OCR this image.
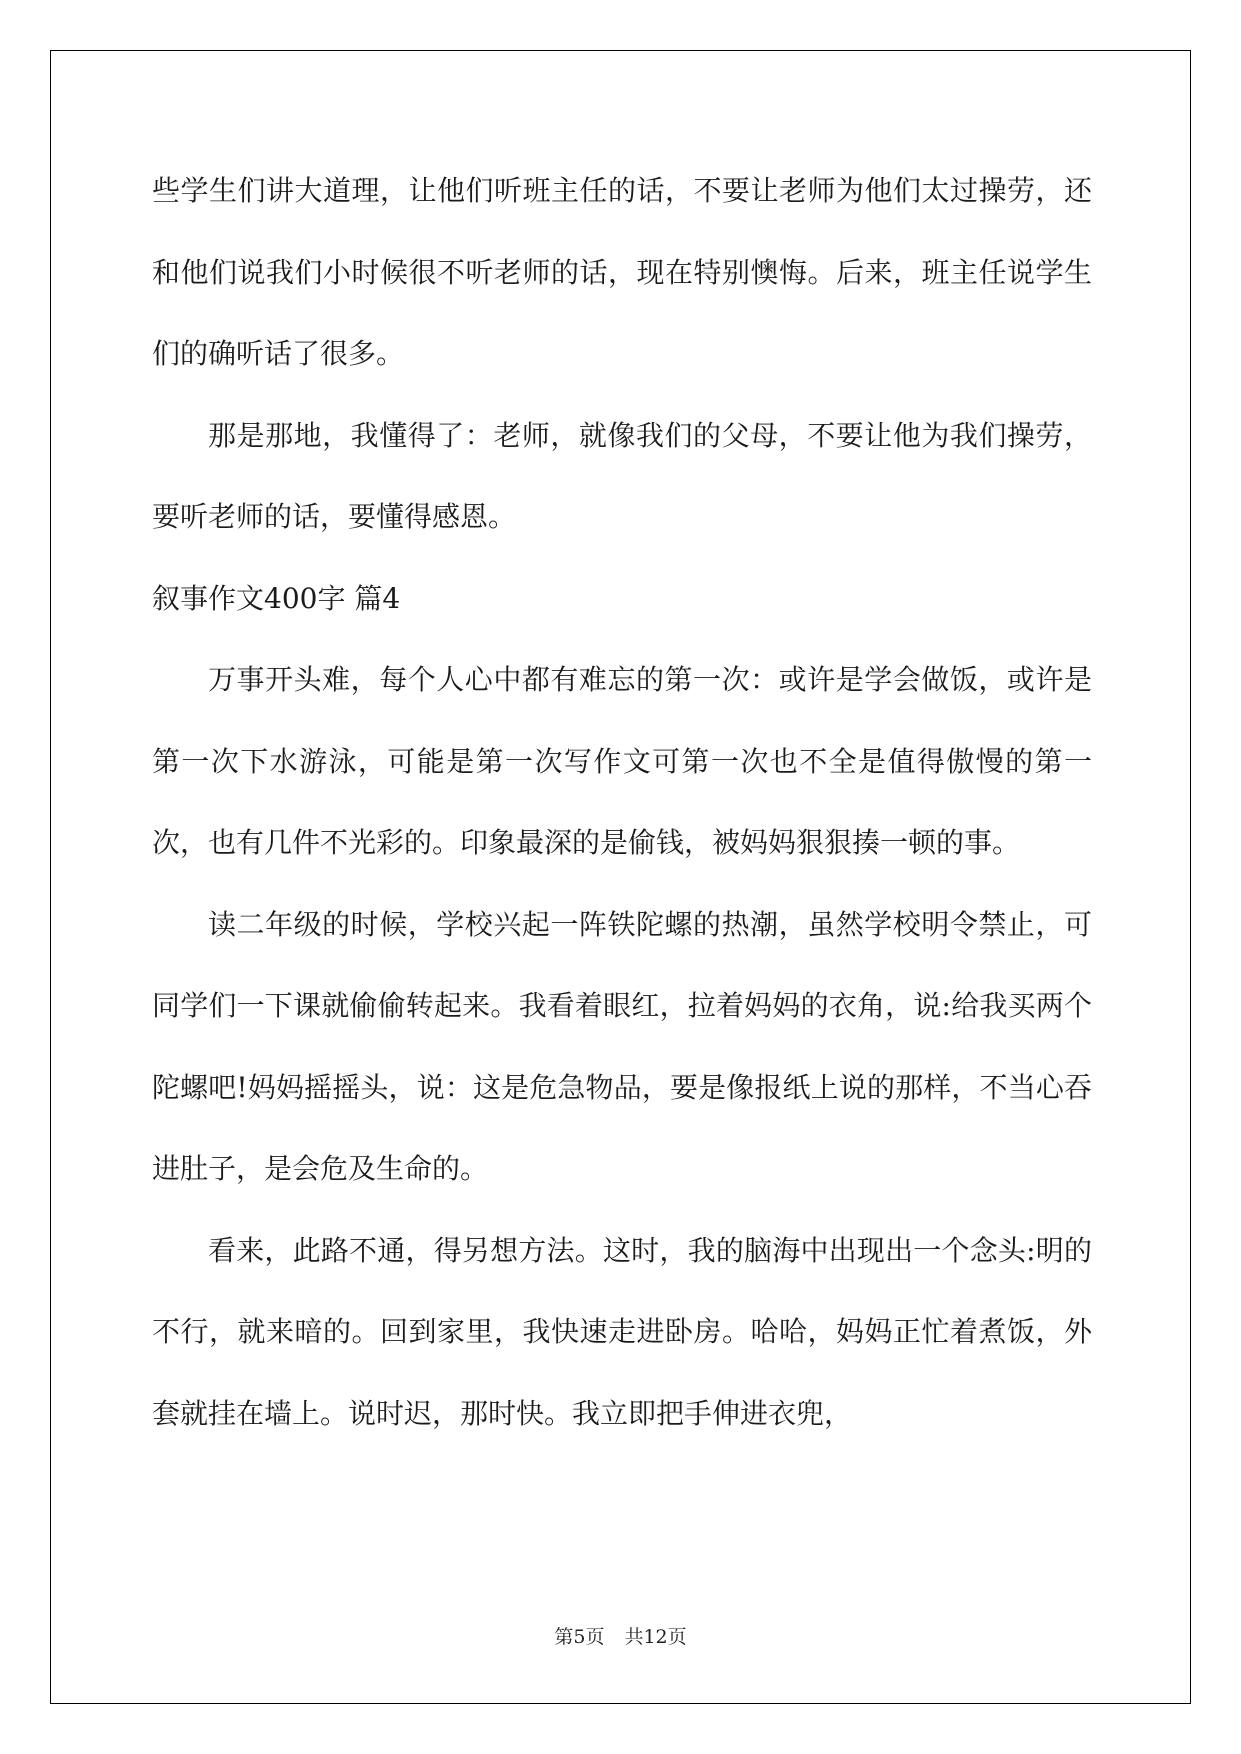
些学生们讲大道理，让他们听班主任的话，不要让老师为他们太过操劳，还和他们说我们小时候很不听老师的话，现在特别懊悔。后来，班主任说学生们的确听话了很多。

那是那地，我懂得了：老师，就像我们的父母，不要让他为我们操劳，要听老师的话，要懂得感恩。

叙事作文400字 篇4

万事开头难，每个人心中都有难忘的第一次：或许是学会做饭，或许是第一次下水游泳，可能是第一次写作文可第一次也不全是值得傲慢的第一次，也有几件不光彩的。印象最深的是偷钱，被妈妈狠狠揍一顿的事。

读二年级的时候，学校兴起一阵铁陀螺的热潮，虽然学校明令禁止，可同学们一下课就偷偷转起来。我看着眼红，拉着妈妈的衣角，说:给我买两个陀螺吧!妈妈摇摇头，说：这是危急物品，要是像报纸上说的那样，不当心吞进肚子，是会危及生命的。

看来，此路不通，得另想方法。这时，我的脑海中出现出一个念头:明的不行，就来暗的。回到家里，我快速走进卧房。哈哈，妈妈正忙着煮饭，外套就挂在墙上。说时迟，那时快。我立即把手伸进衣兜，

第5页 共12页
